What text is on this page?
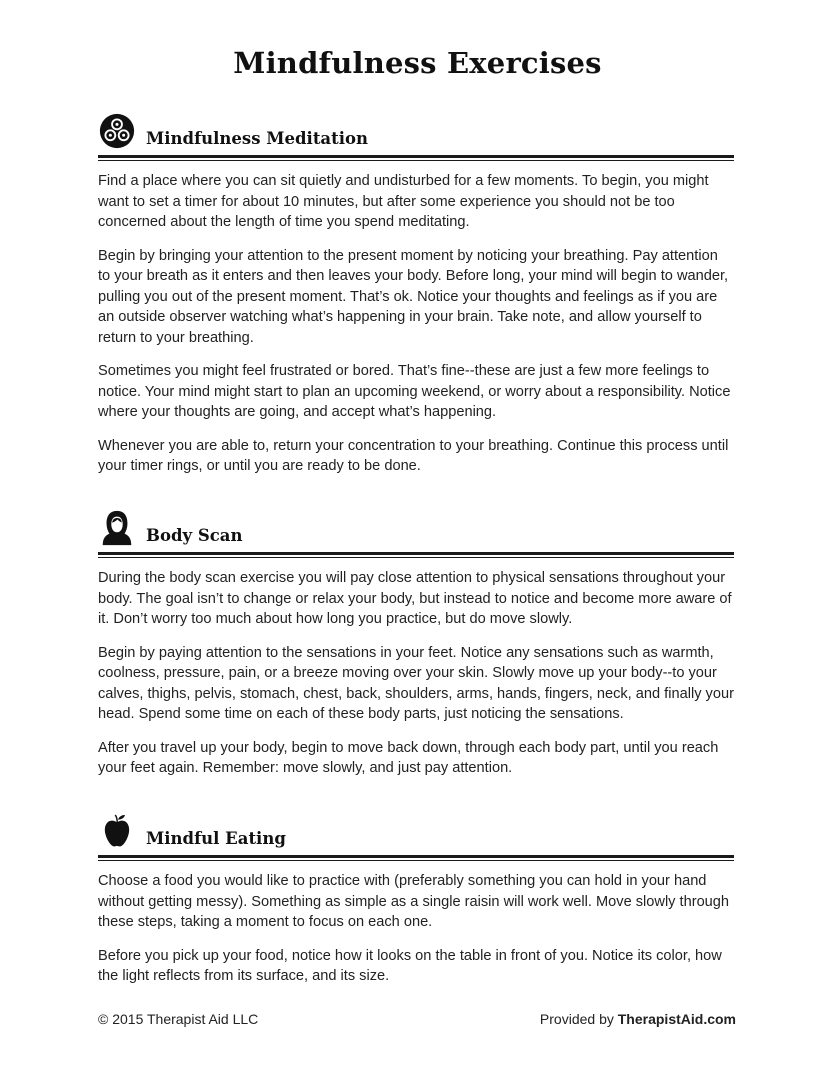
Mindfulness Exercises
Mindfulness Meditation

Find a place where you can sit quietly and undisturbed for a few moments. To begin, you might want to set a timer for about 10 minutes, but after some experience you should not be too concerned about the length of time you spend meditating.

Begin by bringing your attention to the present moment by noticing your breathing. Pay attention to your breath as it enters and then leaves your body. Before long, your mind will begin to wander, pulling you out of the present moment. That’s ok. Notice your thoughts and feelings as if you are an outside observer watching what’s happening in your brain. Take note, and allow yourself to return to your breathing.

Sometimes you might feel frustrated or bored. That’s fine--these are just a few more feelings to notice. Your mind might start to plan an upcoming weekend, or worry about a responsibility. Notice where your thoughts are going, and accept what’s happening.

Whenever you are able to, return your concentration to your breathing. Continue this process until your timer rings, or until you are ready to be done.

Body Scan

During the body scan exercise you will pay close attention to physical sensations throughout your body. The goal isn’t to change or relax your body, but instead to notice and become more aware of it. Don’t worry too much about how long you practice, but do move slowly.

Begin by paying attention to the sensations in your feet. Notice any sensations such as warmth, coolness, pressure, pain, or a breeze moving over your skin. Slowly move up your body--to your calves, thighs, pelvis, stomach, chest, back, shoulders, arms, hands, fingers, neck, and finally your head. Spend some time on each of these body parts, just noticing the sensations.

After you travel up your body, begin to move back down, through each body part, until you reach your feet again. Remember: move slowly, and just pay attention.

Mindful Eating

Choose a food you would like to practice with (preferably something you can hold in your hand without getting messy). Something as simple as a single raisin will work well. Move slowly through these steps, taking a moment to focus on each one.

Before you pick up your food, notice how it looks on the table in front of you. Notice its color, how the light reflects from its surface, and its size.

© 2015 Therapist Aid LLC	Provided by TherapistAid.com
